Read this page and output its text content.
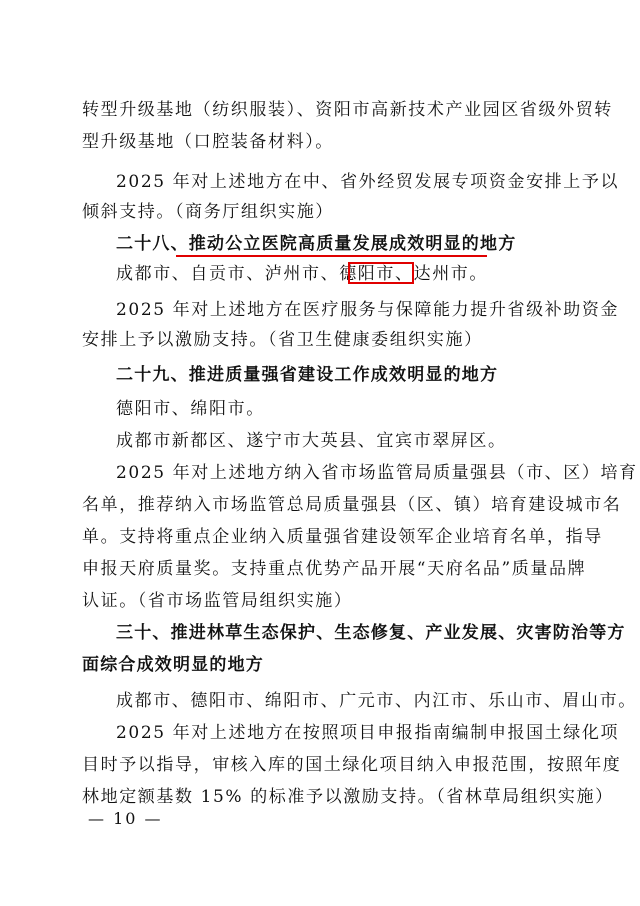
转型升级基地（纺织服装）、资阳市高新技术产业园区省级外贸转
型升级基地（口腔装备材料）。
2025 年对上述地方在中、省外经贸发展专项资金安排上予以
倾斜支持。（商务厅组织实施）
二十八、推动公立医院高质量发展成效明显的地方
成都市、自贡市、泸州市、德阳市、达州市。
2025 年对上述地方在医疗服务与保障能力提升省级补助资金
安排上予以激励支持。（省卫生健康委组织实施）
二十九、推进质量强省建设工作成效明显的地方
德阳市、绵阳市。
成都市新都区、遂宁市大英县、宜宾市翠屏区。
2025 年对上述地方纳入省市场监管局质量强县（市、区）培育
名单，推荐纳入市场监管总局质量强县（区、镇）培育建设城市名
单。支持将重点企业纳入质量强省建设领军企业培育名单，指导
申报天府质量奖。支持重点优势产品开展“天府名品”质量品牌
认证。（省市场监管局组织实施）
三十、推进林草生态保护、生态修复、产业发展、灾害防治等方
面综合成效明显的地方
成都市、德阳市、绵阳市、广元市、内江市、乐山市、眉山市。
2025 年对上述地方在按照项目申报指南编制申报国土绿化项
目时予以指导，审核入库的国土绿化项目纳入申报范围，按照年度
林地定额基数 15% 的标准予以激励支持。（省林草局组织实施）
— 10 —
